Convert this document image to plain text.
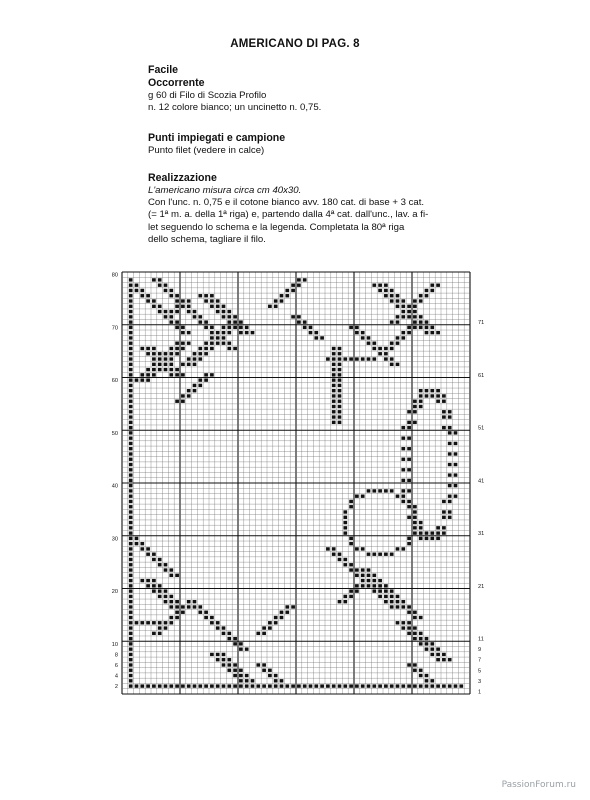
AMERICANO DI PAG. 8
Facile
Occorrente
g 60 di Filo di Scozia Profilo
n. 12 colore bianco; un uncinetto n. 0,75.
Punti impiegati e campione
Punto filet (vedere in calce)
Realizzazione
L'americano misura circa cm 40x30.
Con l'unc. n. 0,75 e il cotone bianco avv. 180 cat. di base + 3 cat.
(= 1ª m. a. della 1ª riga) e, partendo dalla 4ª cat. dall'unc., lav. a fi-
let seguendo lo schema e la legenda. Completata la 80ª riga
dello schema, tagliare il filo.
2
4
6
8
10
20
30
40
50
60
70
80
1
3
5
7
9
11
21
31
41
51
61
71
PassionForum.ru
